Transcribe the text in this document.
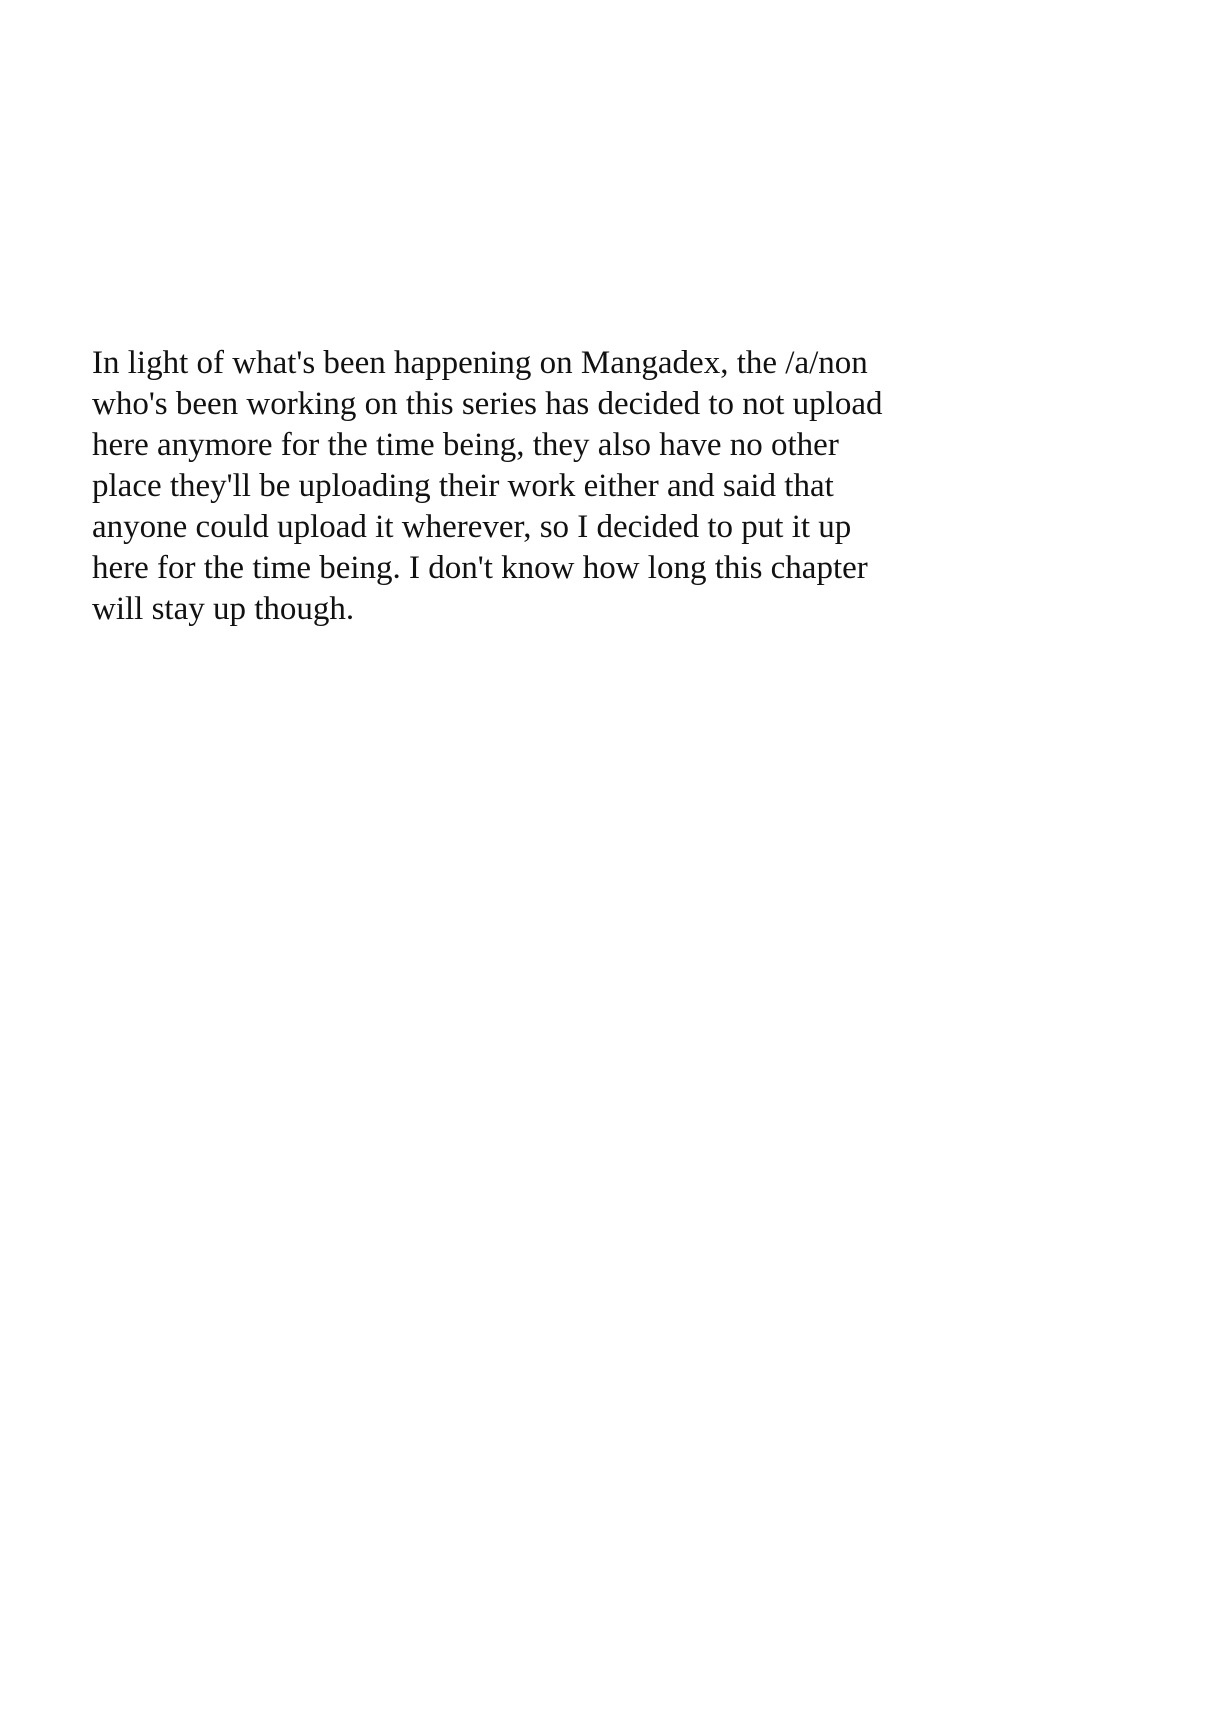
In light of what's been happening on Mangadex, the /a/non
who's been working on this series has decided to not upload
here anymore for the time being, they also have no other
place they'll be uploading their work either and said that
anyone could upload it wherever, so I decided to put it up
here for the time being. I don't know how long this chapter
will stay up though.
